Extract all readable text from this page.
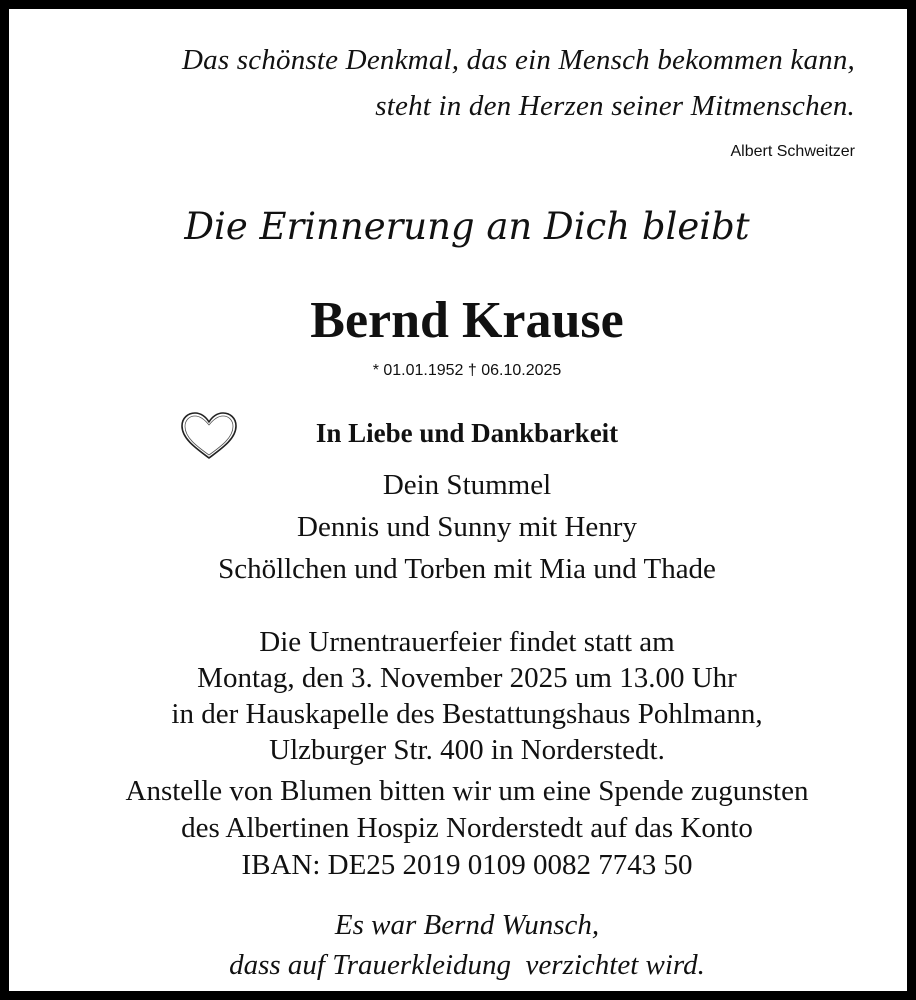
Das schönste Denkmal, das ein Mensch bekommen kann,
steht in den Herzen seiner Mitmenschen.
Albert Schweitzer
Die Erinnerung an Dich bleibt
Bernd Krause
* 01.01.1952 † 06.10.2025
In Liebe und Dankbarkeit
Dein Stummel
Dennis und Sunny mit Henry
Schöllchen und Torben mit Mia und Thade
Die Urnentrauerfeier findet statt am
Montag, den 3. November 2025 um 13.00 Uhr
in der Hauskapelle des Bestattungshaus Pohlmann,
Ulzburger Str. 400 in Norderstedt.
Anstelle von Blumen bitten wir um eine Spende zugunsten
des Albertinen Hospiz Norderstedt auf das Konto
IBAN: DE25 2019 0109 0082 7743 50
Es war Bernd Wunsch,
dass auf Trauerkleidung  verzichtet wird.
